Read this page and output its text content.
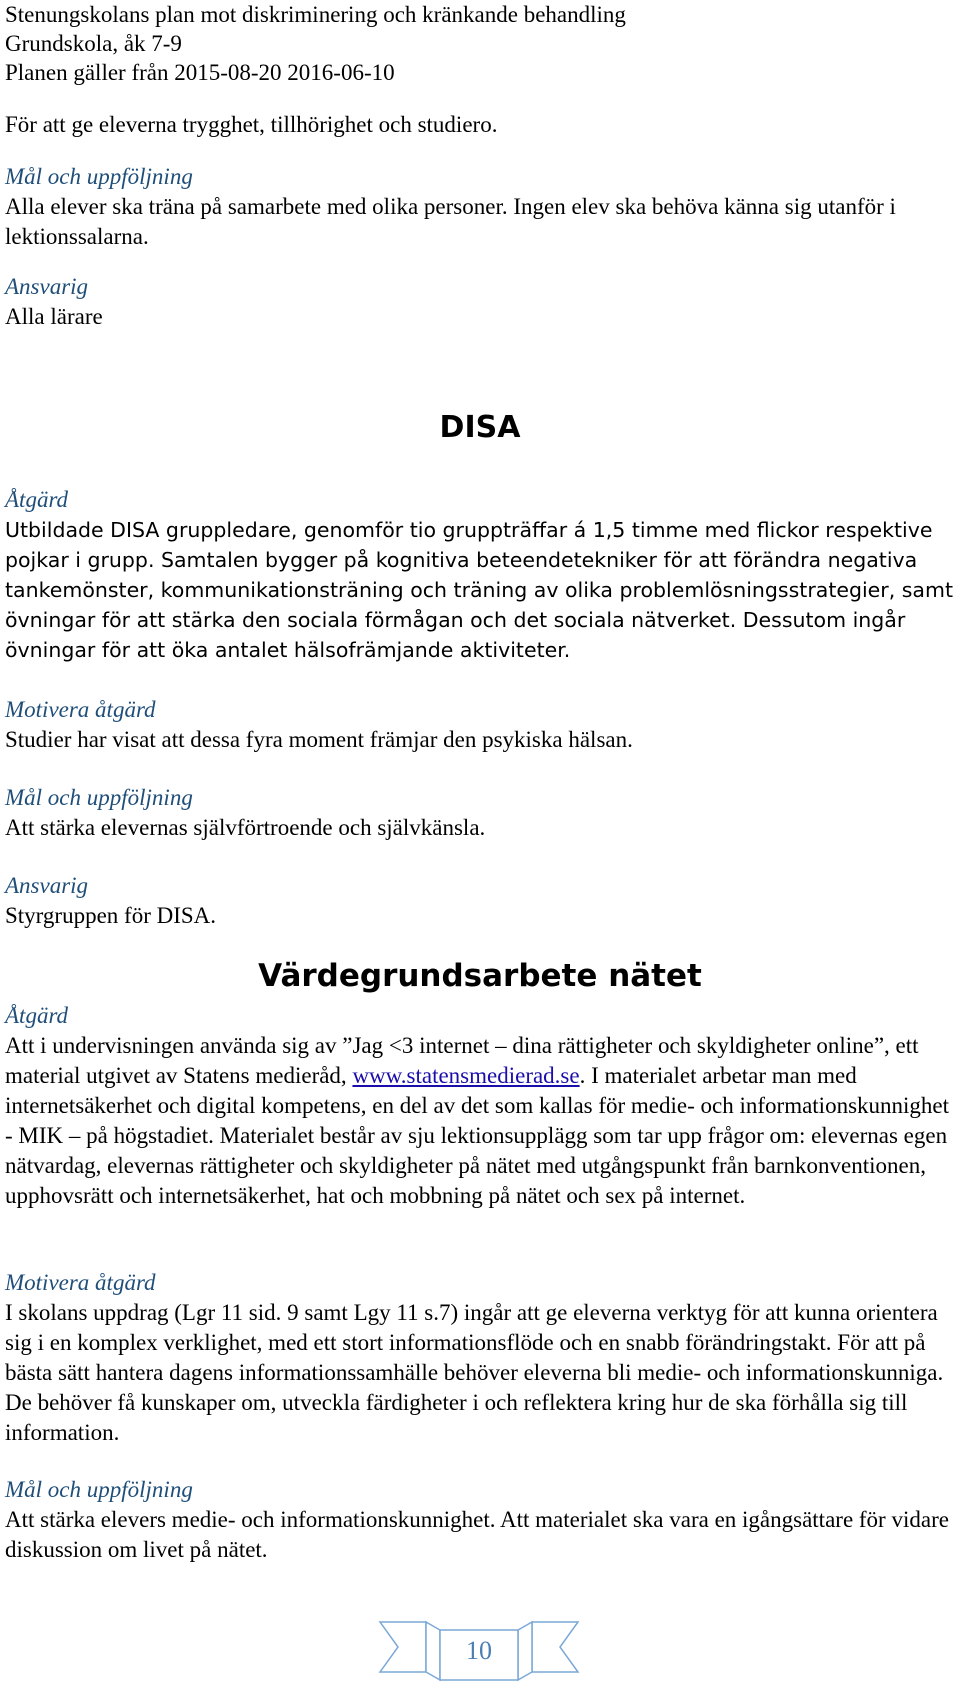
Stenungskolans plan mot diskriminering och kränkande behandling

Grundskola, åk 7-9

Planen gäller från 2015-08-20 2016-06-10

För att ge eleverna trygghet, tillhörighet och studiero.

Mål och uppföljning

Alla elever ska träna på samarbete med olika personer. Ingen elev ska behöva känna sig utanför i lektionssalarna.

Ansvarig

Alla lärare

DISA

Åtgärd

Utbildade DISA gruppledare, genomför tio gruppträffar á 1,5 timme med flickor respektive pojkar i grupp. Samtalen bygger på kognitiva beteendetekniker för att förändra negativa tankemönster, kommunikationsträning och träning av olika problemlösningsstrategier, samt övningar för att stärka den sociala förmågan och det sociala nätverket. Dessutom ingår övningar för att öka antalet hälsofrämjande aktiviteter.

Motivera åtgärd

Studier har visat att dessa fyra moment främjar den psykiska hälsan.

Mål och uppföljning

Att stärka elevernas självförtroende och självkänsla.

Ansvarig

Styrgruppen för DISA.

Värdegrundsarbete nätet

Åtgärd

Att i undervisningen använda sig av ”Jag <3 internet – dina rättigheter och skyldigheter online”, ett material utgivet av Statens medieråd, www.statensmedierad.se. I materialet arbetar man med internetsäkerhet och digital kompetens, en del av det som kallas för medie- och informationskunnighet - MIK – på högstadiet. Materialet består av sju lektionsupplägg som tar upp frågor om: elevernas egen nätvardag, elevernas rättigheter och skyldigheter på nätet med utgångspunkt från barnkonventionen, upphovsrätt och internetsäkerhet, hat och mobbning på nätet och sex på internet.

Motivera åtgärd

I skolans uppdrag (Lgr 11 sid. 9 samt Lgy 11 s.7) ingår att ge eleverna verktyg för att kunna orientera sig i en komplex verklighet, med ett stort informationsflöde och en snabb förändringstakt. För att på bästa sätt hantera dagens informationssamhälle behöver eleverna bli medie- och informationskunniga. De behöver få kunskaper om, utveckla färdigheter i och reflektera kring hur de ska förhålla sig till information.

Mål och uppföljning

Att stärka elevers medie- och informationskunnighet. Att materialet ska vara en igångsättare för vidare diskussion om livet på nätet.

10
